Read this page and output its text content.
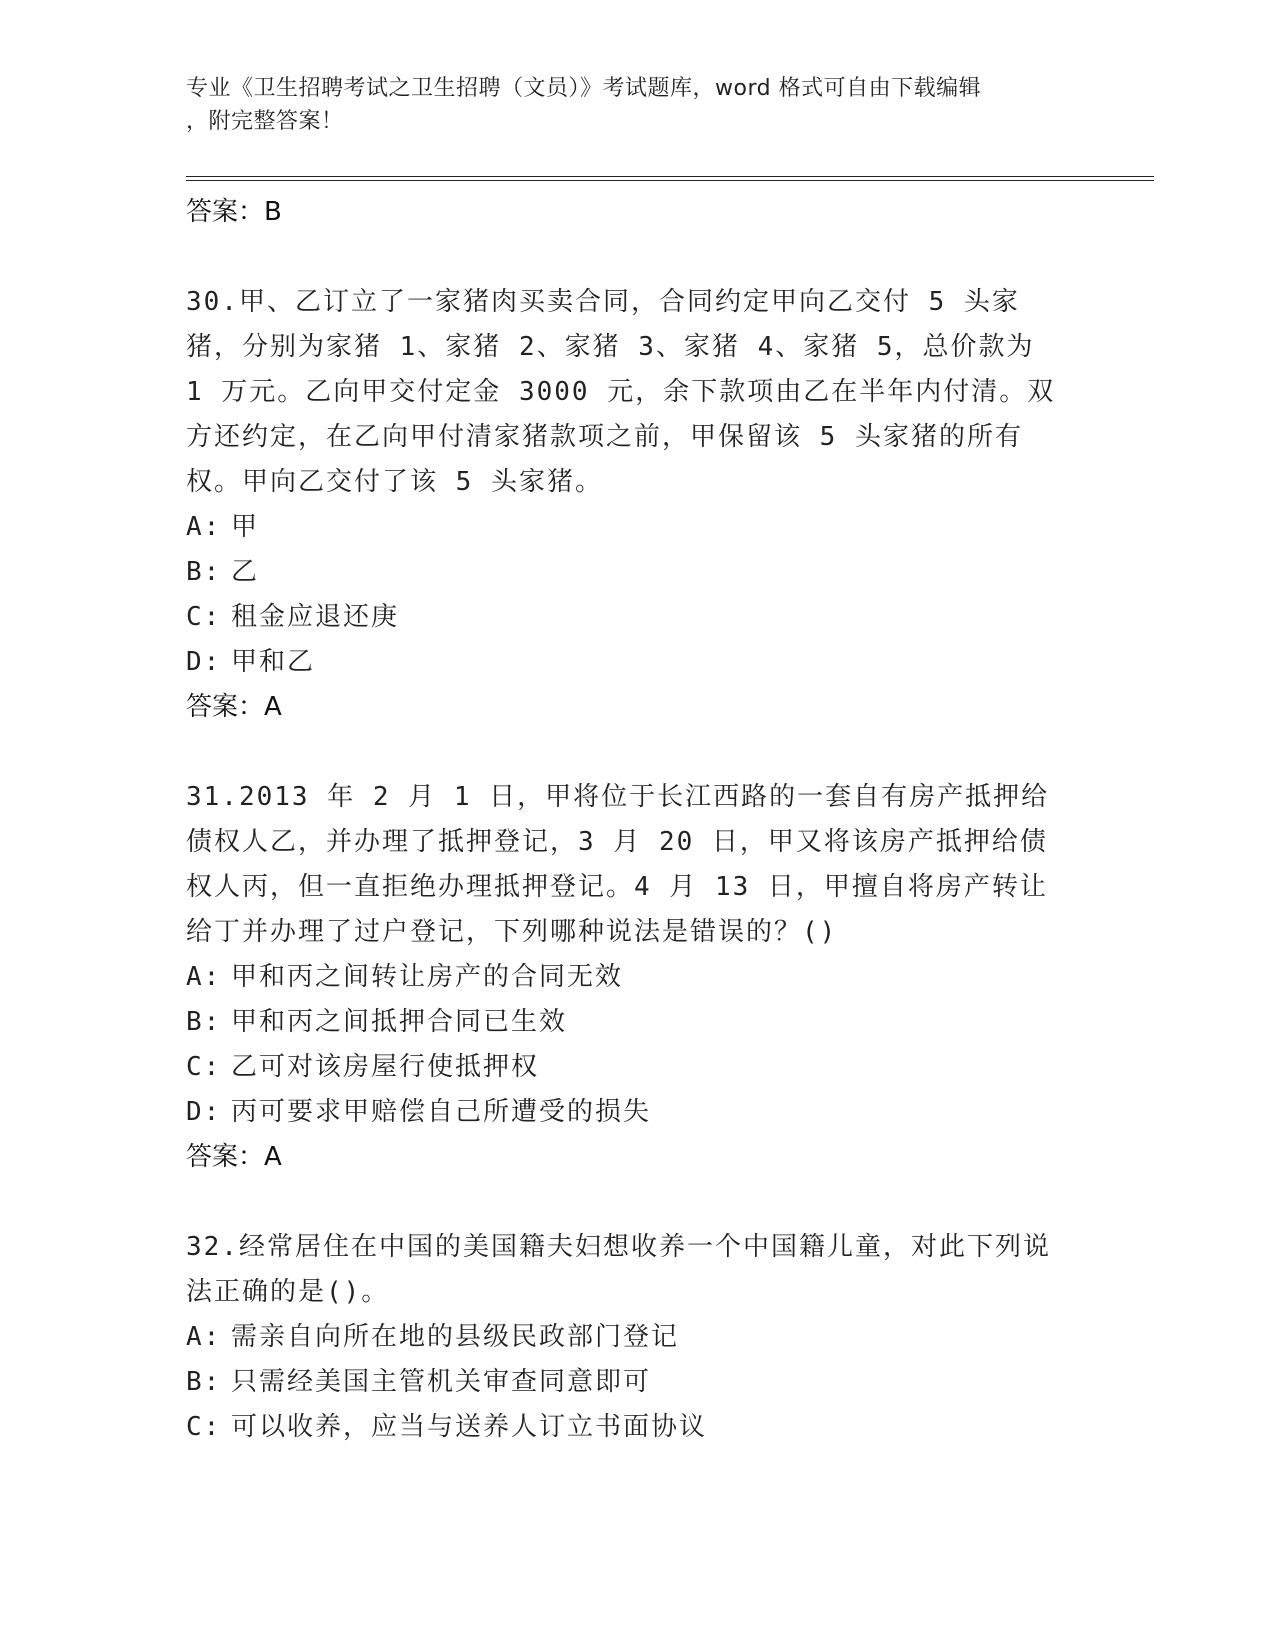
专业《卫生招聘考试之卫生招聘（文员）》考试题库，word 格式可自由下载编辑
，附完整答案！

答案：B

30.甲、乙订立了一家猪肉买卖合同，合同约定甲向乙交付 5 头家猪，分别为家猪 1、家猪 2、家猪 3、家猪 4、家猪 5，总价款为 1 万元。乙向甲交付定金 3000 元，余下款项由乙在半年内付清。双方还约定，在乙向甲付清家猪款项之前，甲保留该 5 头家猪的所有权。甲向乙交付了该 5 头家猪。

A: 甲

B: 乙

C: 租金应退还庚

D: 甲和乙

答案：A

31.2013 年 2 月 1 日，甲将位于长江西路的一套自有房产抵押给债权人乙，并办理了抵押登记，3 月 20 日，甲又将该房产抵押给债权人丙，但一直拒绝办理抵押登记。4 月 13 日，甲擅自将房产转让给丁并办理了过户登记，下列哪种说法是错误的？()

A: 甲和丙之间转让房产的合同无效

B: 甲和丙之间抵押合同已生效

C: 乙可对该房屋行使抵押权

D: 丙可要求甲赔偿自己所遭受的损失

答案：A

32.经常居住在中国的美国籍夫妇想收养一个中国籍儿童，对此下列说法正确的是()。

A: 需亲自向所在地的县级民政部门登记

B: 只需经美国主管机关审查同意即可

C: 可以收养，应当与送养人订立书面协议
